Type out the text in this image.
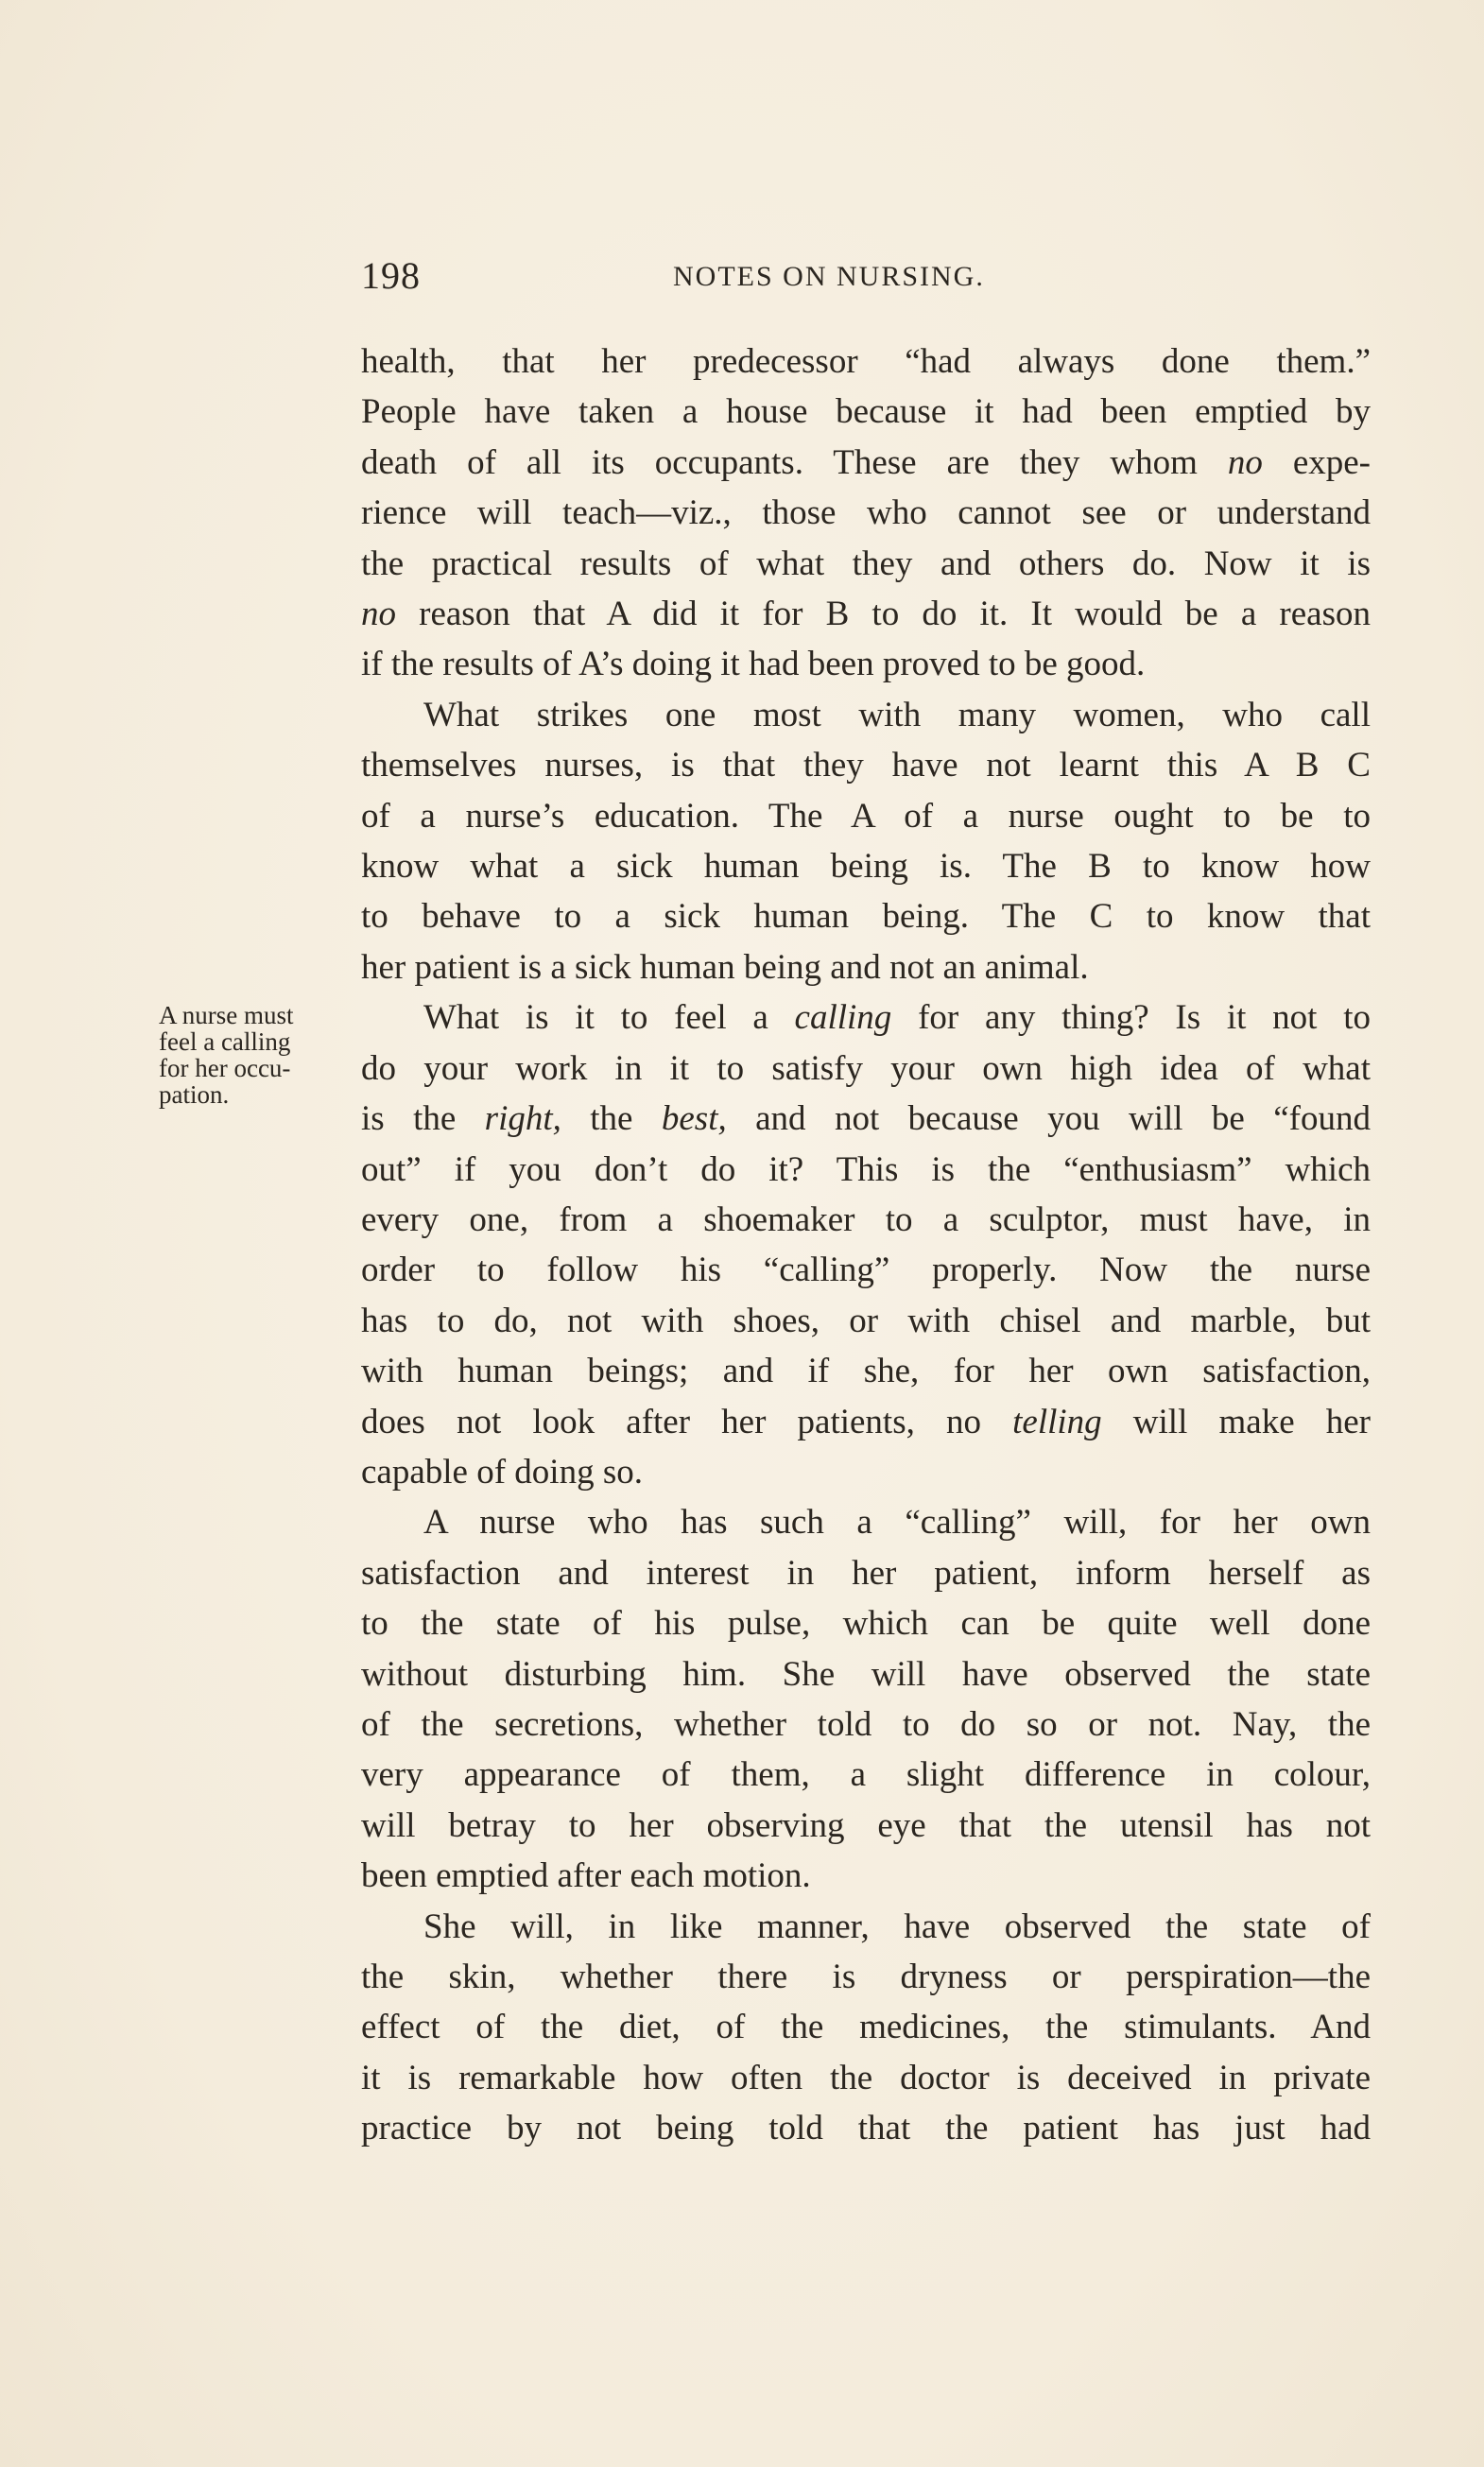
198	NOTES ON NURSING.
A nurse must
feel a calling
for her occu-
pation.

health, that her predecessor “had always done them.”
People have taken a house because it had been emptied by
death of all its occupants. These are they whom no expe-
rience will teach—viz., those who cannot see or understand
the practical results of what they and others do. Now it is
no reason that A did it for B to do it. It would be a reason
if the results of A’s doing it had been proved to be good.

What strikes one most with many women, who call
themselves nurses, is that they have not learnt this A B C
of a nurse’s education. The A of a nurse ought to be to
know what a sick human being is. The B to know how
to behave to a sick human being. The C to know that
her patient is a sick human being and not an animal.

What is it to feel a calling for any thing? Is it not to
do your work in it to satisfy your own high idea of what
is the right, the best, and not because you will be “found
out” if you don’t do it? This is the “enthusiasm” which
every one, from a shoemaker to a sculptor, must have, in
order to follow his “calling” properly. Now the nurse
has to do, not with shoes, or with chisel and marble, but
with human beings; and if she, for her own satisfaction,
does not look after her patients, no telling will make her
capable of doing so.

A nurse who has such a “calling” will, for her own
satisfaction and interest in her patient, inform herself as
to the state of his pulse, which can be quite well done
without disturbing him. She will have observed the state
of the secretions, whether told to do so or not. Nay, the
very appearance of them, a slight difference in colour,
will betray to her observing eye that the utensil has not
been emptied after each motion.

She will, in like manner, have observed the state of
the skin, whether there is dryness or perspiration—the
effect of the diet, of the medicines, the stimulants. And
it is remarkable how often the doctor is deceived in private
practice by not being told that the patient has just had
